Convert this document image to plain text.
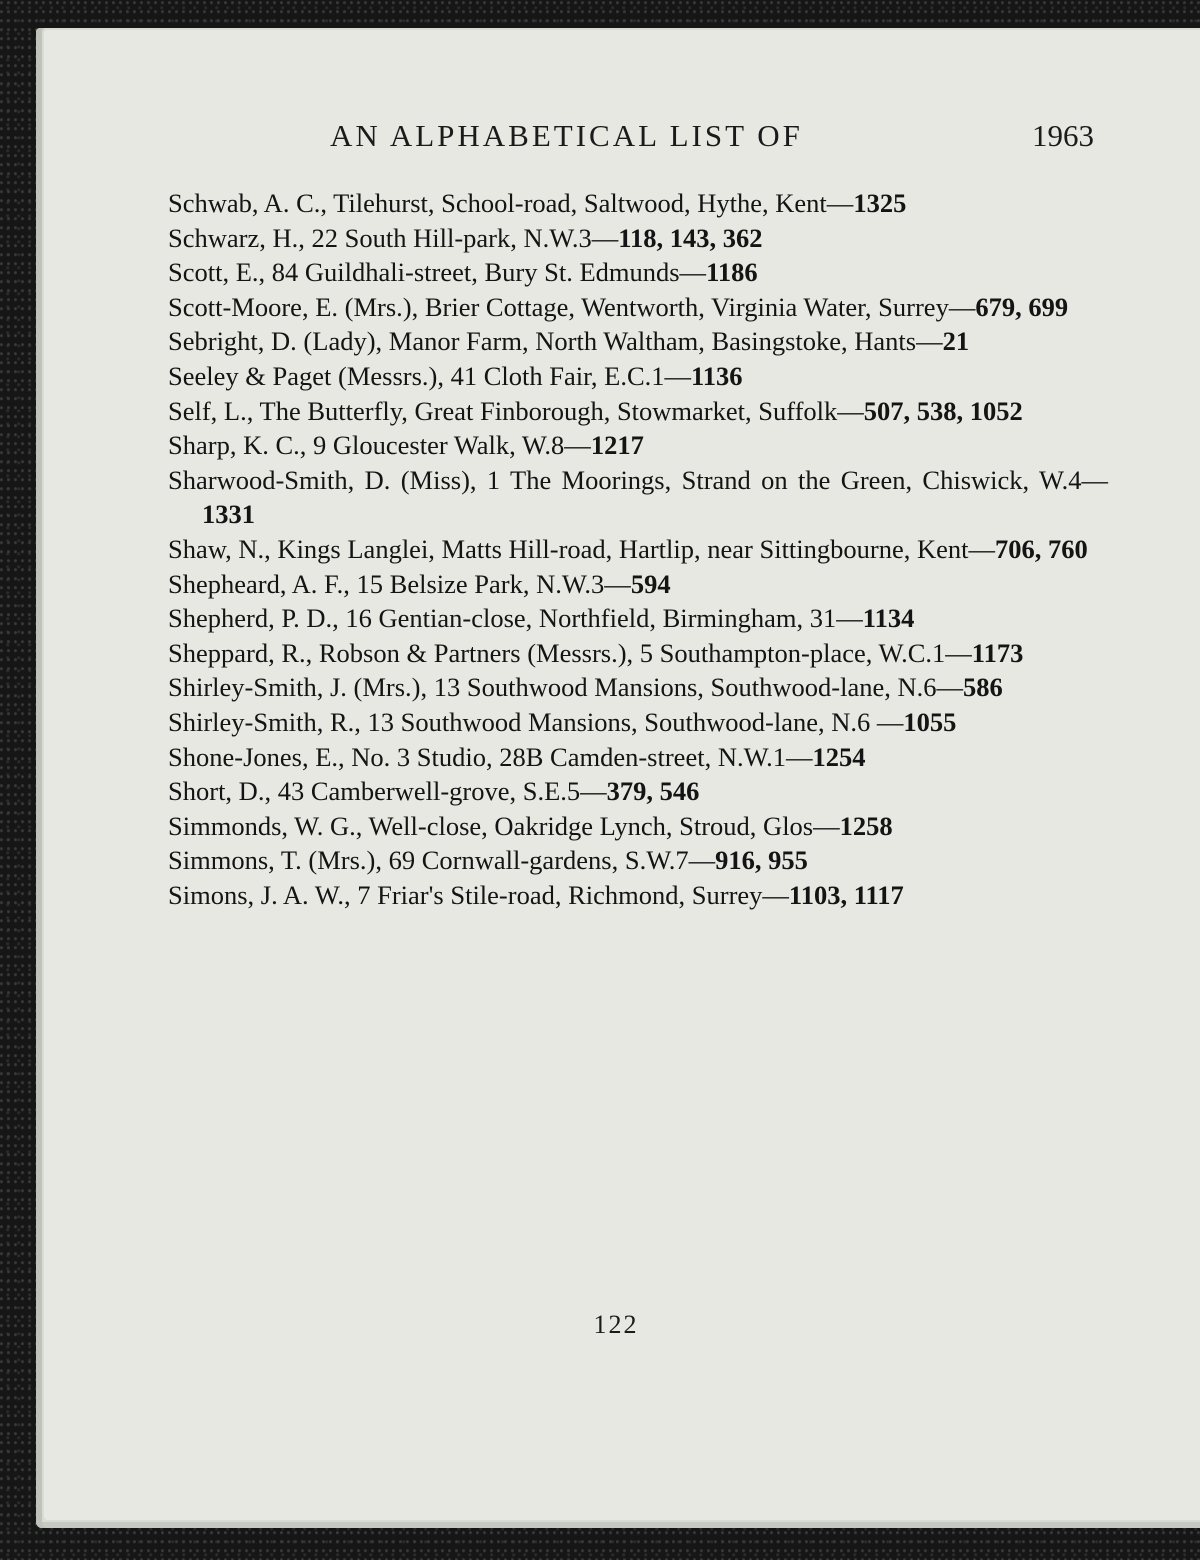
AN ALPHABETICAL LIST OF	1963
Schwab, A. C., Tilehurst, School-road, Saltwood, Hythe, Kent—1325
Schwarz, H., 22 South Hill-park, N.W.3—118, 143, 362
Scott, E., 84 Guildhali-street, Bury St. Edmunds—1186
Scott-Moore, E. (Mrs.), Brier Cottage, Wentworth, Virginia Water, Surrey—679, 699
Sebright, D. (Lady), Manor Farm, North Waltham, Basingstoke, Hants—21
Seeley & Paget (Messrs.), 41 Cloth Fair, E.C.1—1136
Self, L., The Butterfly, Great Finborough, Stowmarket, Suffolk—507, 538, 1052
Sharp, K. C., 9 Gloucester Walk, W.8—1217
Sharwood-Smith, D. (Miss), 1 The Moorings, Strand on the Green, Chiswick, W.4—1331
Shaw, N., Kings Langlei, Matts Hill-road, Hartlip, near Sittingbourne, Kent—706, 760
Shepheard, A. F., 15 Belsize Park, N.W.3—594
Shepherd, P. D., 16 Gentian-close, Northfield, Birmingham, 31—1134
Sheppard, R., Robson & Partners (Messrs.), 5 Southampton-place, W.C.1—1173
Shirley-Smith, J. (Mrs.), 13 Southwood Mansions, Southwood-lane, N.6—586
Shirley-Smith, R., 13 Southwood Mansions, Southwood-lane, N.6 —1055
Shone-Jones, E., No. 3 Studio, 28B Camden-street, N.W.1—1254
Short, D., 43 Camberwell-grove, S.E.5—379, 546
Simmonds, W. G., Well-close, Oakridge Lynch, Stroud, Glos—1258
Simmons, T. (Mrs.), 69 Cornwall-gardens, S.W.7—916, 955
Simons, J. A. W., 7 Friar's Stile-road, Richmond, Surrey—1103, 1117
122
